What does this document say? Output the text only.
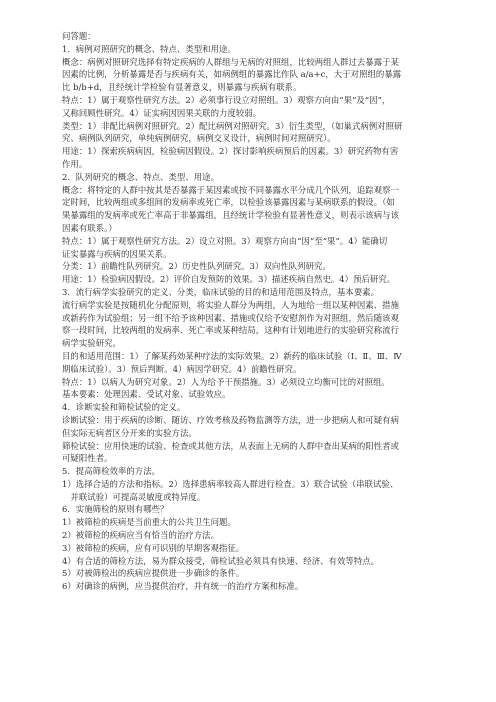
问答题：
1．病例对照研究的概念、特点、类型和用途。
概念：病例对照研究选择有特定疾病的人群组与无病的对照组，比较两组人群过去暴露于某
因素的比例，分析暴露是否与疾病有关，如病例组的暴露比作队 a/a+c，大于对照组的暴露
比 b/b+d，且经统计学检验有显著意义，则暴露与疾病有联系。
特点：1）属于观察性研究方法。2）必须事行设立对照组。3）观察方向由“果”及“因”，
又称回顾性研究。4）证实病因因果关联的力度较弱。
类型：1）非配比病例对照研究。2）配比病例对照研究。3）衍生类型，（如巢式病例对照研
究、病例队列研究，单纯病例研究，病例交叉设计，病例时间对照研究）。
用途：1）探索疾病病因，检验病因假设。2）探讨影响疾病预后的因素。3）研究药物有害
作用。
2．队列研究的概念、特点、类型、用途。
概念：将特定的人群中按其是否暴露于某因素或按不同暴露水平分成几个队列，追踪观察一
定时间，比较两组或多组间的发病率或死亡率，以检验该暴露因素与某病联系的假设。（如
果暴露组的发病率或死亡率高于非暴露组，且经统计学检验有显著性意义，则表示该病与该
因素有联系。）
特点：1）属于观察性研究方法。2）设立对照。3）观察方向由“因”至“果”。4）能确切
证实暴露与疾病的因果关系。
分类：1）前瞻性队列研究。2）历史性队列研究。3）双向性队列研究。
用途：1）检验病因假设。2）评价自发预防的效果。3）描述疾病自然史。4）预后研究。
3．流行病学实验研究的定义、分类，临床试验的目的和适用范围及特点，基本要素。
流行病学实验是按随机化分配原则，将实验人群分为两组，人为地给一组以某种因素、措施
或新药作为试验组；另一组不给予该种因素、措施或仅给予安慰剂作为对照组，然后随该观
察一段时间，比较两组的发病率、死亡率或某种结局，这种有计划地进行的实验研究称流行
病学实验研究。
目的和适用范围：1）了解某药効某种疗法的实际效果。2）新药的临床试验（Ⅰ、Ⅱ、Ⅲ、Ⅳ
期临床试验）。3）预后判断。4）病因学研究。4）前瞻性研究。
特点：1）以病人为研究对象。2）人为给予干预措施。3）必须设立均衡可比的对照组。
基本要素：处理因素、受试对象、试验效应。
4．诊断实验和筛检试验的定义。
诊断试验：用于疾病的诊断、随访、疗效考核及药物监测等方法，进一步把病人和可疑有病
但实际无病者区分开来的实验方法。
筛检试验：应用快速的试验、检查或其他方法，从表面上无病的人群中查出某病的阳性者或
可疑阳性者。
5．提高筛检效率的方法。
1）选择合适的方法和指标。2）选择患病率较高人群进行检查。3）联合试验（串联试验、
　并联试验）可提高灵敏度或特异度。
6．实施筛检的原则有哪些？
1）被筛检的疾病是当前重大的公共卫生问题。
2）被筛检的疾病应当有恰当的治疗方法。
3）被筛检的疾病，应有可识别的早期客观指征。
4）有合适的筛检方法，易为群众接受，筛检试验必须具有快速、经济、有效等特点。
5）对被筛检出的疾病应提供进一步确诊的条件。
6）对确诊的病例，应当提供治疗，并有统一的治疗方案和标准。
